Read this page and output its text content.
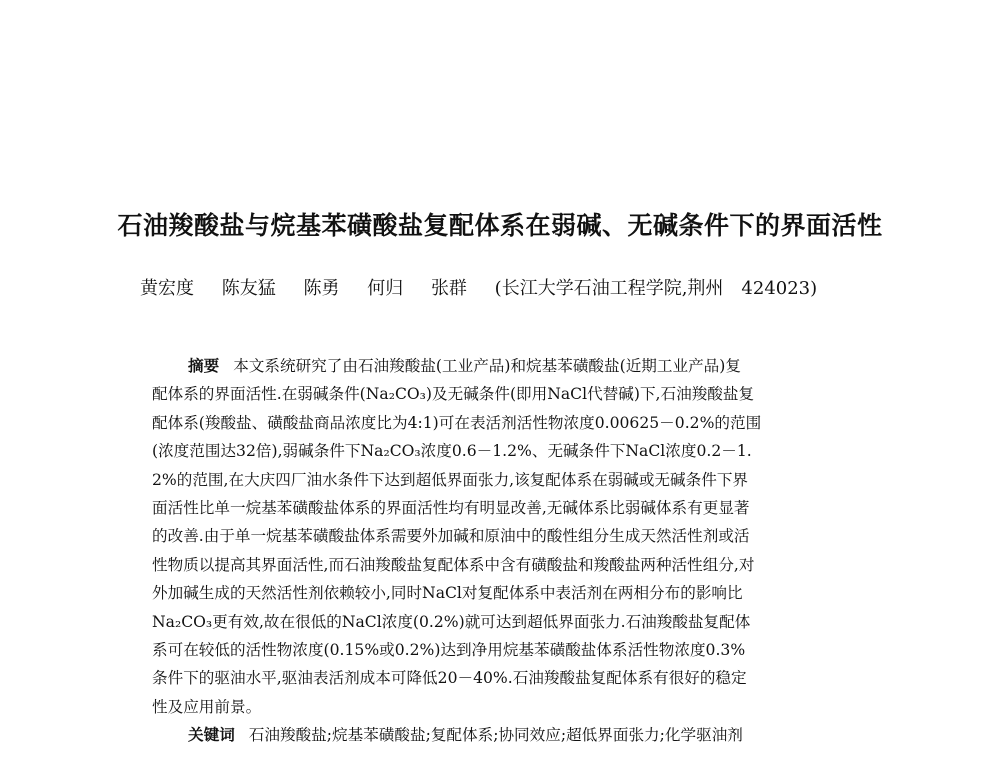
石油羧酸盐与烷基苯磺酸盐复配体系在弱碱、无碱条件下的界面活性
黄宏度 陈友猛 陈勇 何归 张群 (长江大学石油工程学院,荆州　424023)
摘要 本文系统研究了由石油羧酸盐(工业产品)和烷基苯磺酸盐(近期工业产品)复
配体系的界面活性.在弱碱条件(Na₂CO₃)及无碱条件(即用NaCl代替碱)下,石油羧酸盐复
配体系(羧酸盐、磺酸盐商品浓度比为4:1)可在表活剂活性物浓度0.00625－0.2%的范围
(浓度范围达32倍),弱碱条件下Na₂CO₃浓度0.6－1.2%、无碱条件下NaCl浓度0.2－1.
2%的范围,在大庆四厂油水条件下达到超低界面张力,该复配体系在弱碱或无碱条件下界
面活性比单一烷基苯磺酸盐体系的界面活性均有明显改善,无碱体系比弱碱体系有更显著
的改善.由于单一烷基苯磺酸盐体系需要外加碱和原油中的酸性组分生成天然活性剂或活
性物质以提高其界面活性,而石油羧酸盐复配体系中含有磺酸盐和羧酸盐两种活性组分,对
外加碱生成的天然活性剂依赖较小,同时NaCl对复配体系中表活剂在两相分布的影响比
Na₂CO₃更有效,故在很低的NaCl浓度(0.2%)就可达到超低界面张力.石油羧酸盐复配体
系可在较低的活性物浓度(0.15%或0.2%)达到净用烷基苯磺酸盐体系活性物浓度0.3%
条件下的驱油水平,驱油表活剂成本可降低20－40%.石油羧酸盐复配体系有很好的稳定
性及应用前景。
关键词 石油羧酸盐;烷基苯磺酸盐;复配体系;协同效应;超低界面张力;化学驱油剂
